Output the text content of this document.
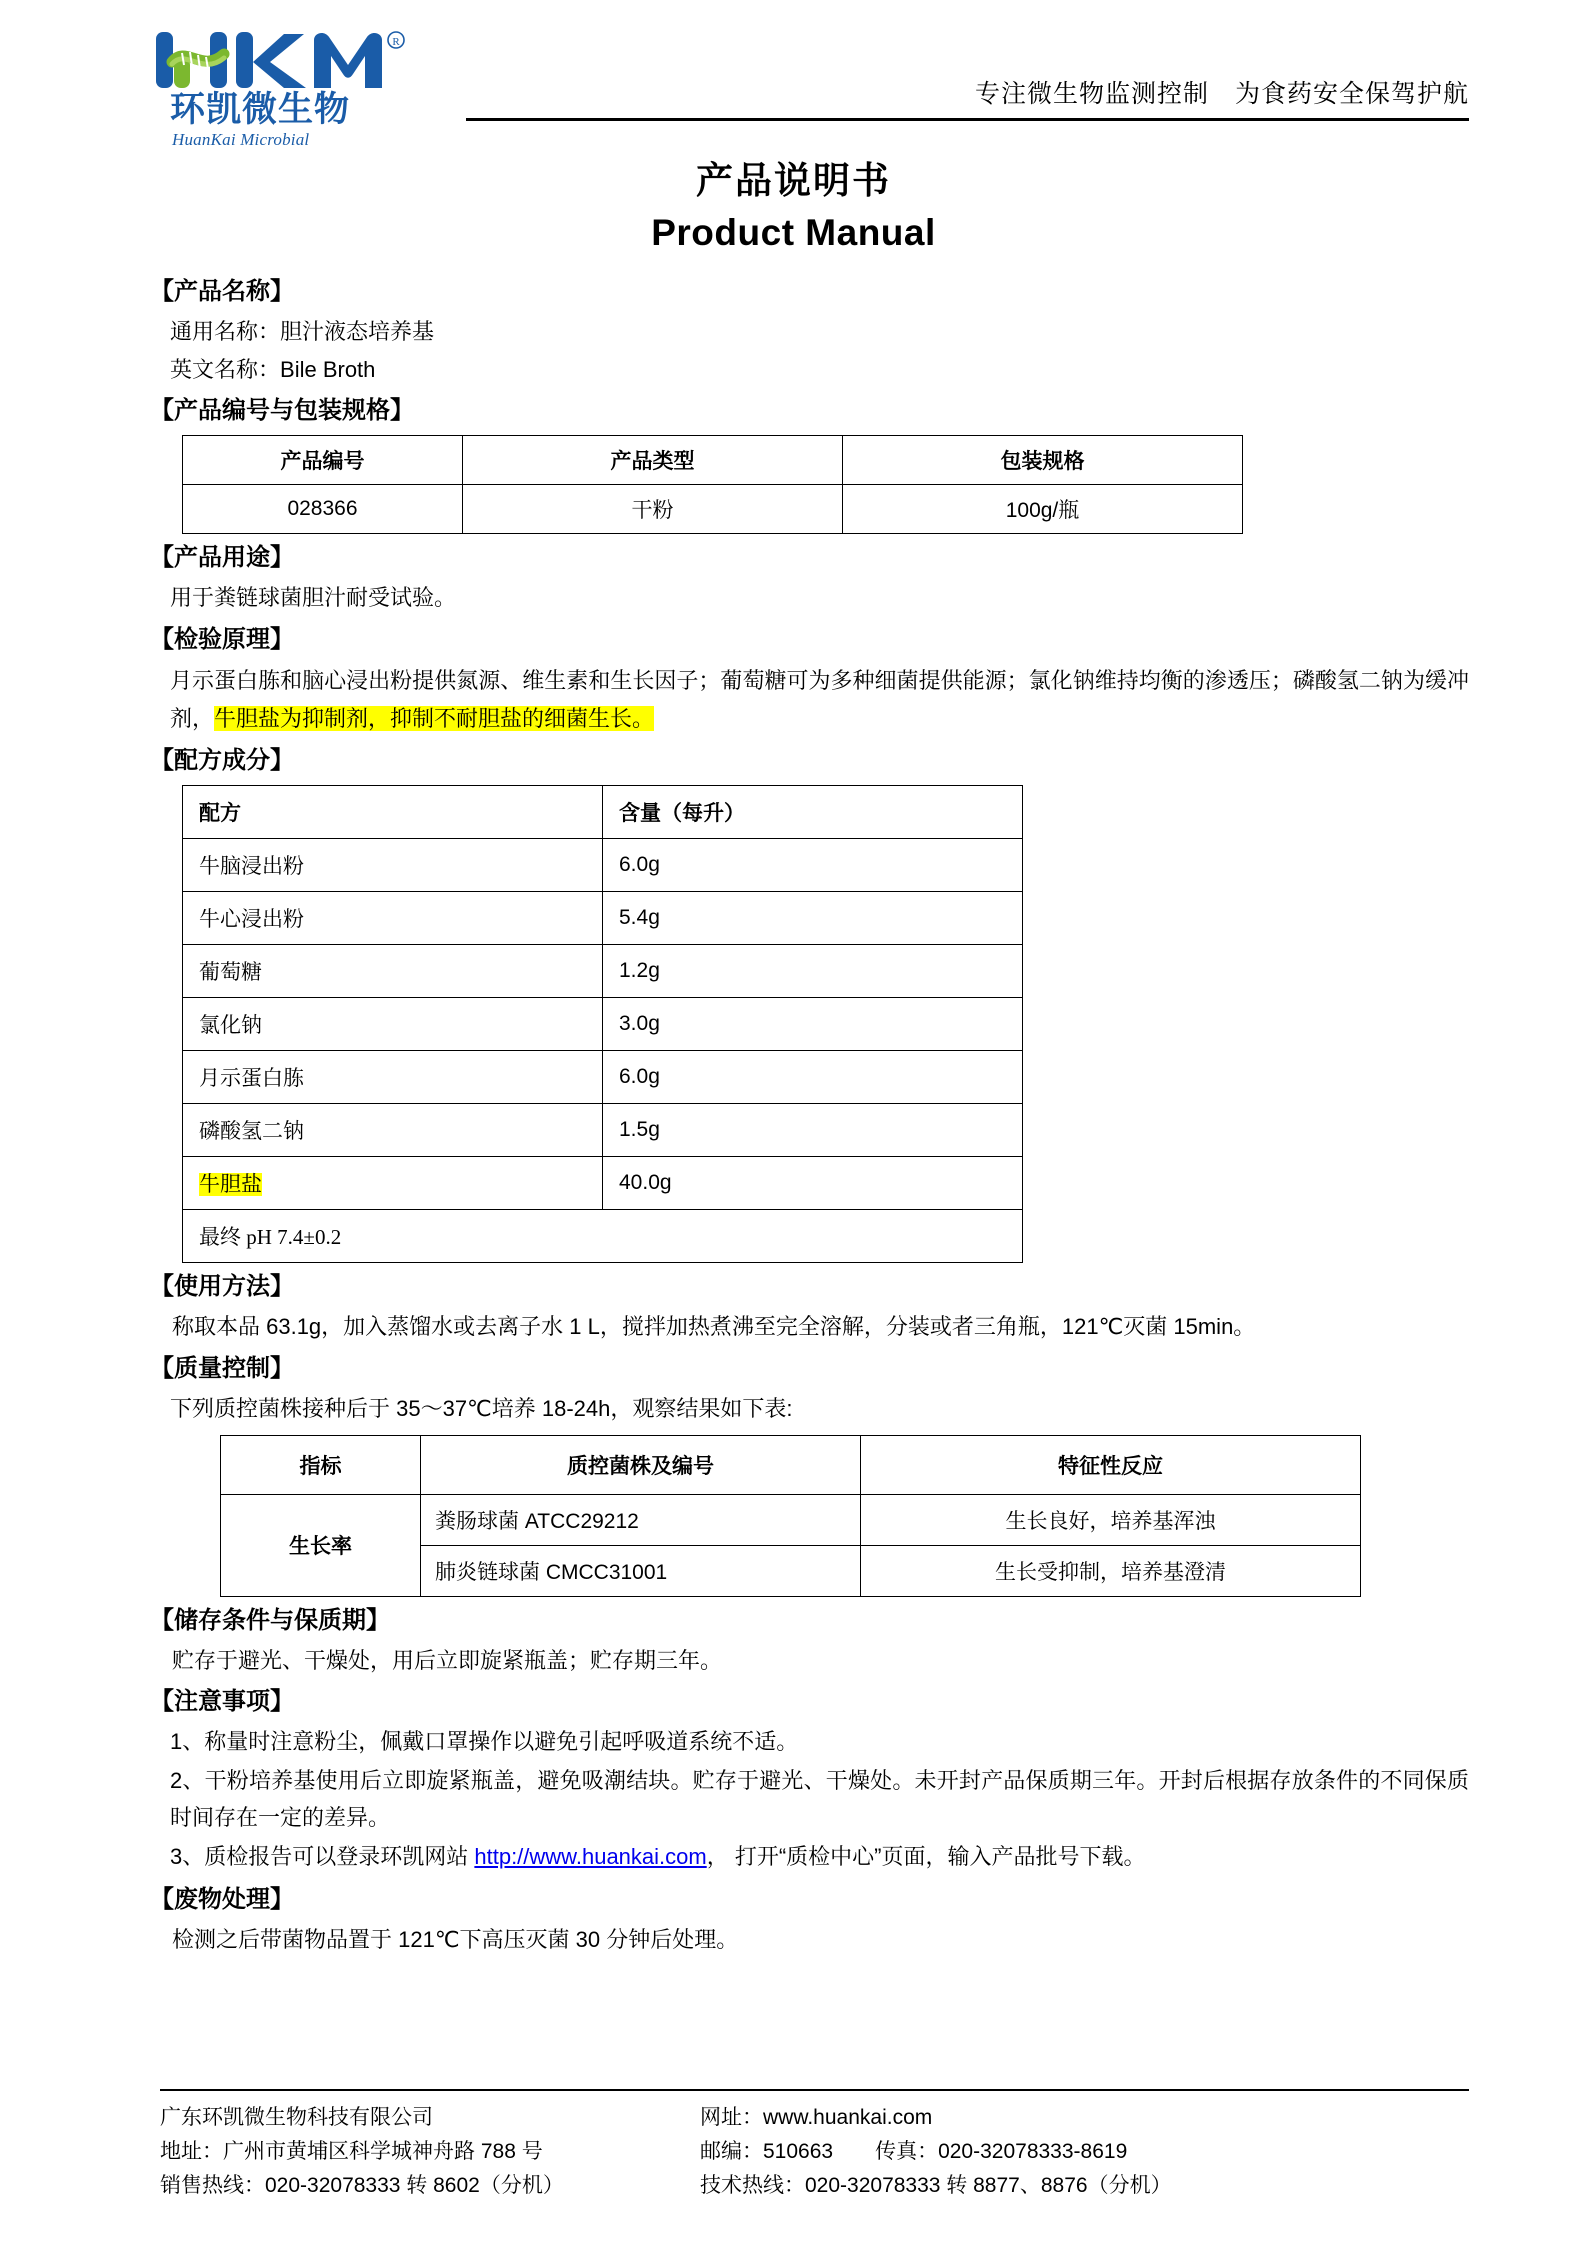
R
环凯微生物
HuanKai Microbial
专注微生物监测控制 为食药安全保驾护航
产品说明书
Product Manual
【产品名称】
通用名称：胆汁液态培养基
英文名称：Bile Broth
【产品编号与包装规格】
产品编号	产品类型	包装规格
028366	干粉	100g/瓶
【产品用途】
用于粪链球菌胆汁耐受试验。
【检验原理】
月示蛋白胨和脑心浸出粉提供氮源、维生素和生长因子；葡萄糖可为多种细菌提供能源；氯化钠维持均衡的渗透压；磷酸氢二钠为缓冲剂，牛胆盐为抑制剂，抑制不耐胆盐的细菌生长。
【配方成分】
配方	含量（每升）
牛脑浸出粉	6.0g
牛心浸出粉	5.4g
葡萄糖	1.2g
氯化钠	3.0g
月示蛋白胨	6.0g
磷酸氢二钠	1.5g
牛胆盐	40.0g
最终 pH 7.4±0.2	
【使用方法】
称取本品 63.1g，加入蒸馏水或去离子水 1 L，搅拌加热煮沸至完全溶解，分装或者三角瓶，121℃灭菌 15min。
【质量控制】
下列质控菌株接种后于 35～37℃培养 18-24h，观察结果如下表:
指标	质控菌株及编号	特征性反应
生长率	粪肠球菌 ATCC29212	生长良好，培养基浑浊
	肺炎链球菌 CMCC31001	生长受抑制，培养基澄清
【储存条件与保质期】
贮存于避光、干燥处，用后立即旋紧瓶盖；贮存期三年。
【注意事项】
1、称量时注意粉尘，佩戴口罩操作以避免引起呼吸道系统不适。
2、干粉培养基使用后立即旋紧瓶盖，避免吸潮结块。贮存于避光、干燥处。未开封产品保质期三年。开封后根据存放条件的不同保质时间存在一定的差异。
3、质检报告可以登录环凯网站 http://www.huankai.com， 打开“质检中心”页面，输入产品批号下载。
【废物处理】
检测之后带菌物品置于 121℃下高压灭菌 30 分钟后处理。
广东环凯微生物科技有限公司
地址：广州市黄埔区科学城神舟路 788 号
销售热线：020-32078333 转 8602（分机）
网址：www.huankai.com
邮编：510663　　传真：020-32078333-8619
技术热线：020-32078333 转 8877、8876（分机）
